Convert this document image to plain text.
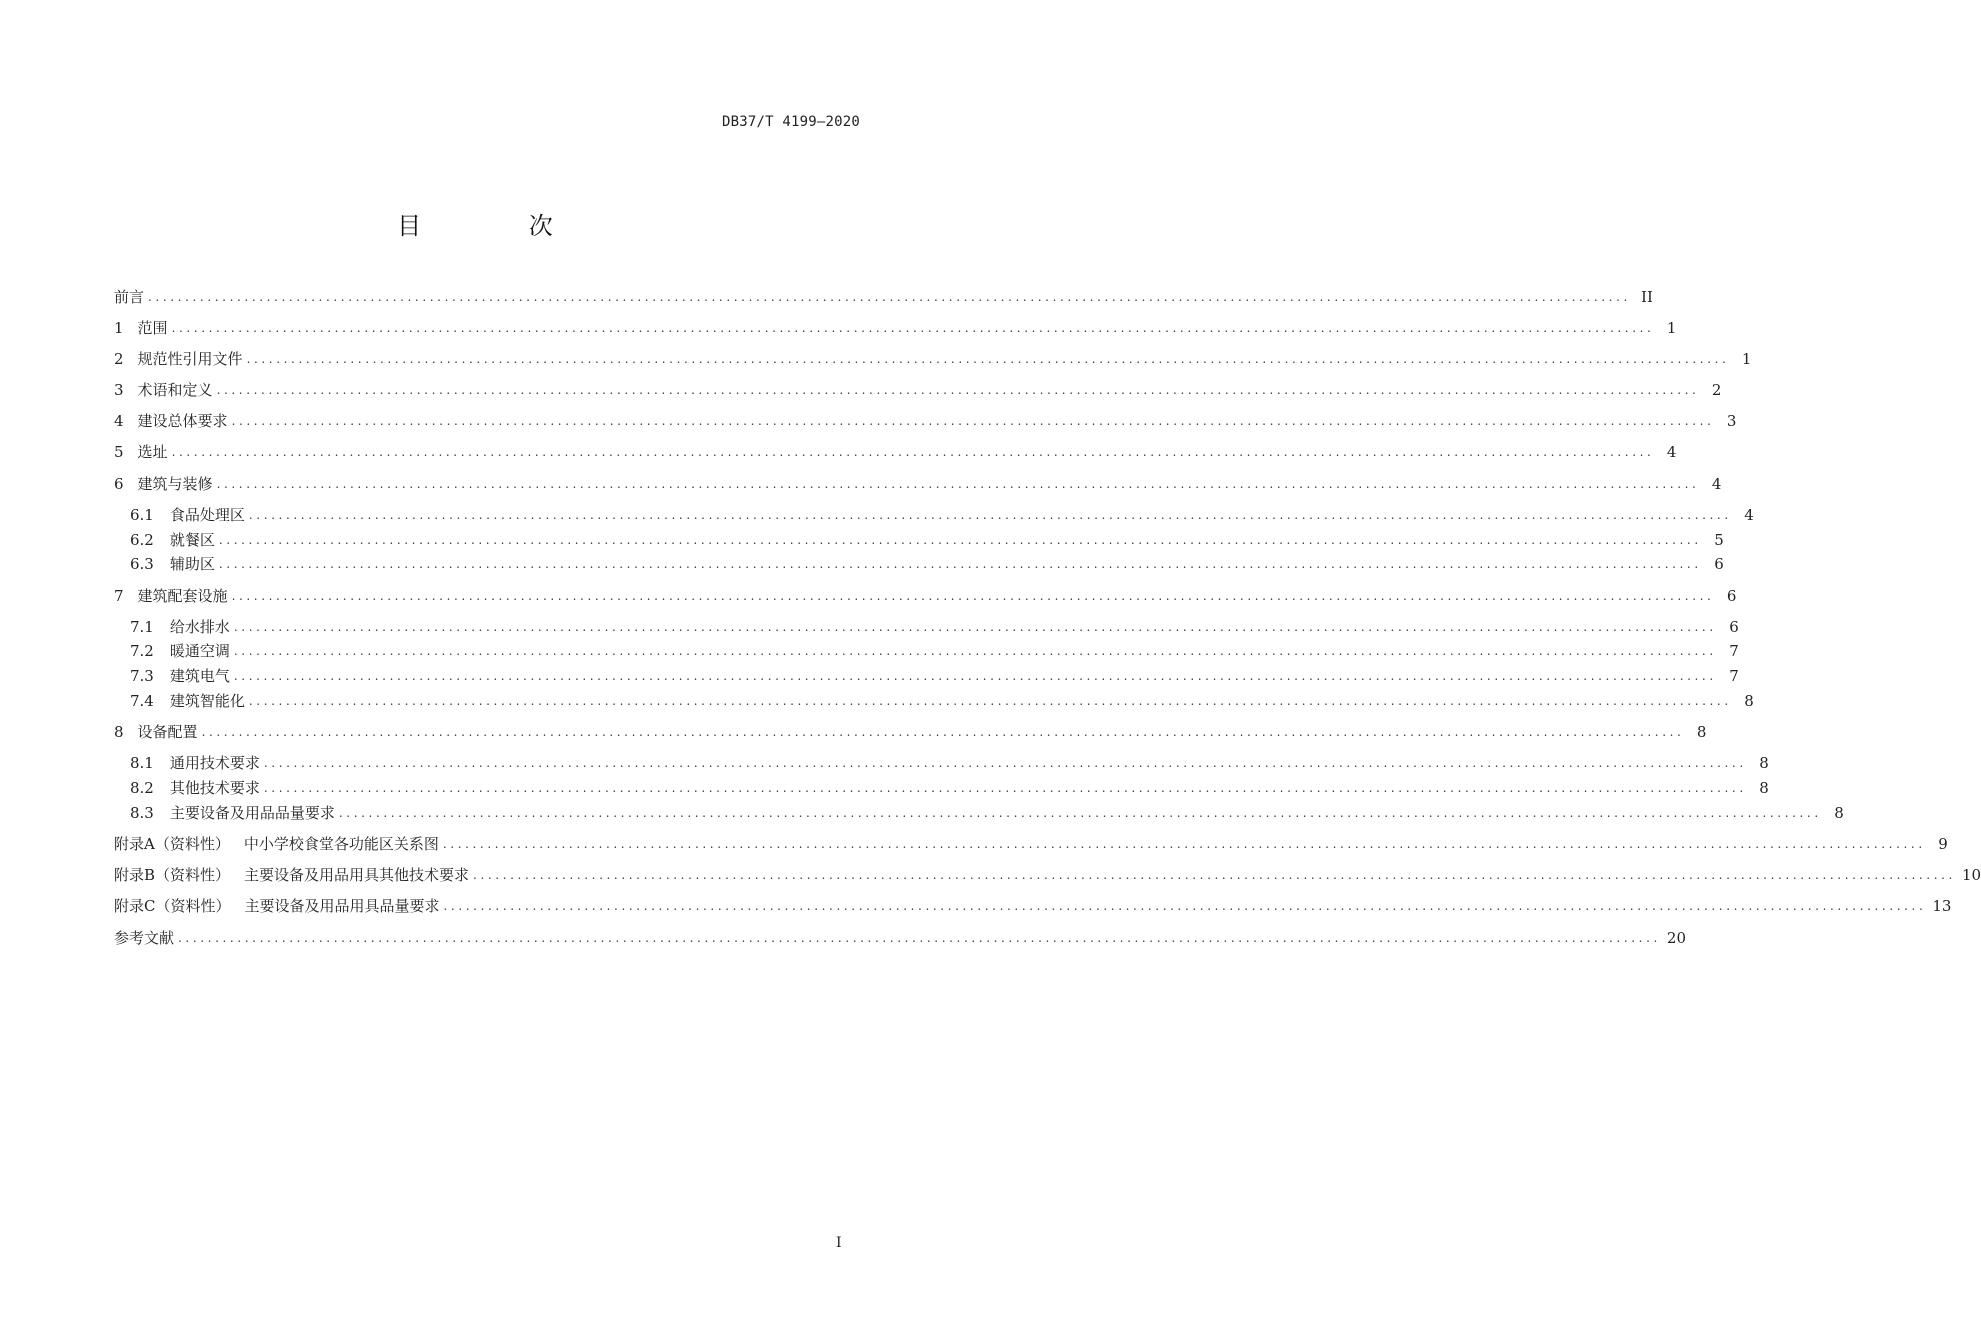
DB37/T 4199—2020
目 次
前言 ........................................................................................................................................................................................................ II
1 范围 ........................................................................................................................................................................................................ 1
2 规范性引用文件 ........................................................................................................................................................................................................ 1
3 术语和定义 ........................................................................................................................................................................................................ 2
4 建设总体要求 ........................................................................................................................................................................................................ 3
5 选址 ........................................................................................................................................................................................................ 4
6 建筑与装修 ........................................................................................................................................................................................................ 4
6.1 食品处理区 ........................................................................................................................................................................................................ 4
6.2 就餐区 ........................................................................................................................................................................................................ 5
6.3 辅助区 ........................................................................................................................................................................................................ 6
7 建筑配套设施 ........................................................................................................................................................................................................ 6
7.1 给水排水 ........................................................................................................................................................................................................ 6
7.2 暖通空调 ........................................................................................................................................................................................................ 7
7.3 建筑电气 ........................................................................................................................................................................................................ 7
7.4 建筑智能化 ........................................................................................................................................................................................................ 8
8 设备配置 ........................................................................................................................................................................................................ 8
8.1 通用技术要求 ........................................................................................................................................................................................................ 8
8.2 其他技术要求 ........................................................................................................................................................................................................ 8
8.3 主要设备及用品品量要求 ........................................................................................................................................................................................................ 8
附录A（资料性） 中小学校食堂各功能区关系图 ........................................................................................................................................................................................................ 9
附录B（资料性） 主要设备及用品用具其他技术要求 ........................................................................................................................................................................................................ 10
附录C（资料性） 主要设备及用品用具品量要求 ........................................................................................................................................................................................................ 13
参考文献 ........................................................................................................................................................................................................ 20
I
